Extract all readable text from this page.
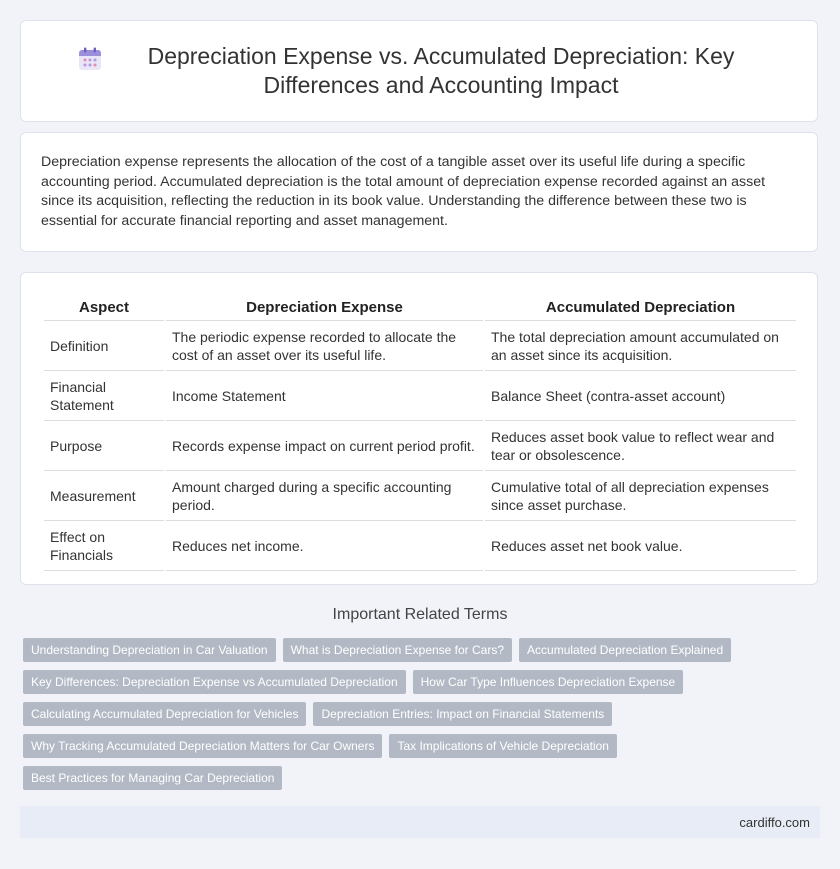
Depreciation Expense vs. Accumulated Depreciation: Key Differences and Accounting Impact

Depreciation expense represents the allocation of the cost of a tangible asset over its useful life during a specific accounting period. Accumulated depreciation is the total amount of depreciation expense recorded against an asset since its acquisition, reflecting the reduction in its book value. Understanding the difference between these two is essential for accurate financial reporting and asset management.

Aspect	Depreciation Expense	Accumulated Depreciation
Definition	The periodic expense recorded to allocate the cost of an asset over its useful life.	The total depreciation amount accumulated on an asset since its acquisition.
Financial Statement	Income Statement	Balance Sheet (contra-asset account)
Purpose	Records expense impact on current period profit.	Reduces asset book value to reflect wear and tear or obsolescence.
Measurement	Amount charged during a specific accounting period.	Cumulative total of all depreciation expenses since asset purchase.
Effect on Financials	Reduces net income.	Reduces asset net book value.
Important Related Terms
Understanding Depreciation in Car Valuation	What is Depreciation Expense for Cars?	Accumulated Depreciation Explained
Key Differences: Depreciation Expense vs Accumulated Depreciation	How Car Type Influences Depreciation Expense
Calculating Accumulated Depreciation for Vehicles	Depreciation Entries: Impact on Financial Statements
Why Tracking Accumulated Depreciation Matters for Car Owners	Tax Implications of Vehicle Depreciation
Best Practices for Managing Car Depreciation
cardiffo.com
